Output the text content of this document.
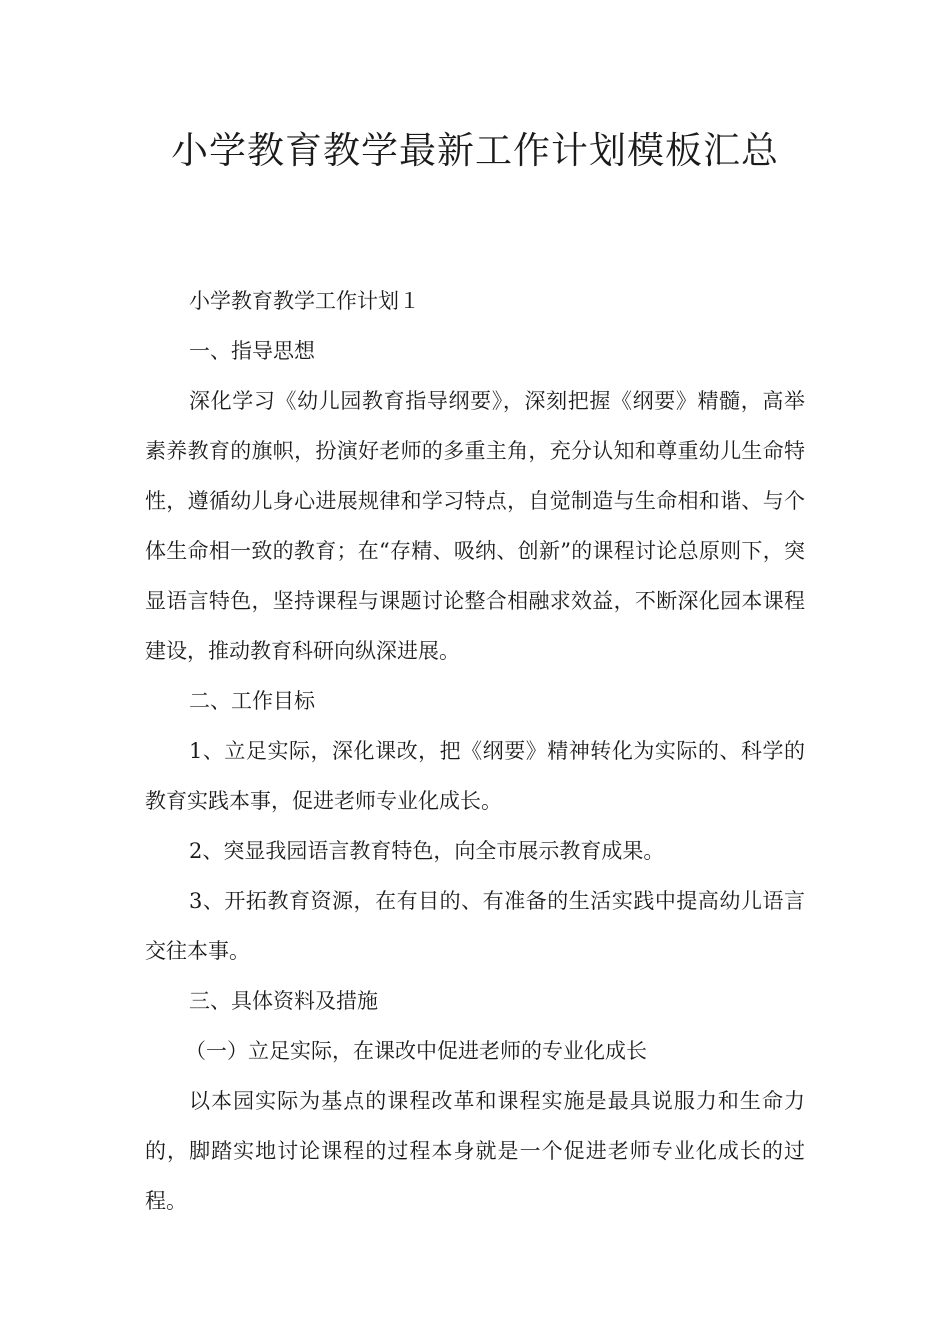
小学教育教学最新工作计划模板汇总

小学教育教学工作计划１

一、指导思想

深化学习《幼儿园教育指导纲要》，深刻把握《纲要》精髓，高举素养教育的旗帜，扮演好老师的多重主角，充分认知和尊重幼儿生命特性，遵循幼儿身心进展规律和学习特点，自觉制造与生命相和谐、与个体生命相一致的教育；在“存精、吸纳、创新”的课程讨论总原则下，突显语言特色，坚持课程与课题讨论整合相融求效益，不断深化园本课程建设，推动教育科研向纵深进展。

二、工作目标

1、立足实际，深化课改，把《纲要》精神转化为实际的、科学的教育实践本事，促进老师专业化成长。

2、突显我园语言教育特色，向全市展示教育成果。

3、开拓教育资源，在有目的、有准备的生活实践中提高幼儿语言交往本事。

三、具体资料及措施

（一）立足实际，在课改中促进老师的专业化成长

以本园实际为基点的课程改革和课程实施是最具说服力和生命力的，脚踏实地讨论课程的过程本身就是一个促进老师专业化成长的过程。
